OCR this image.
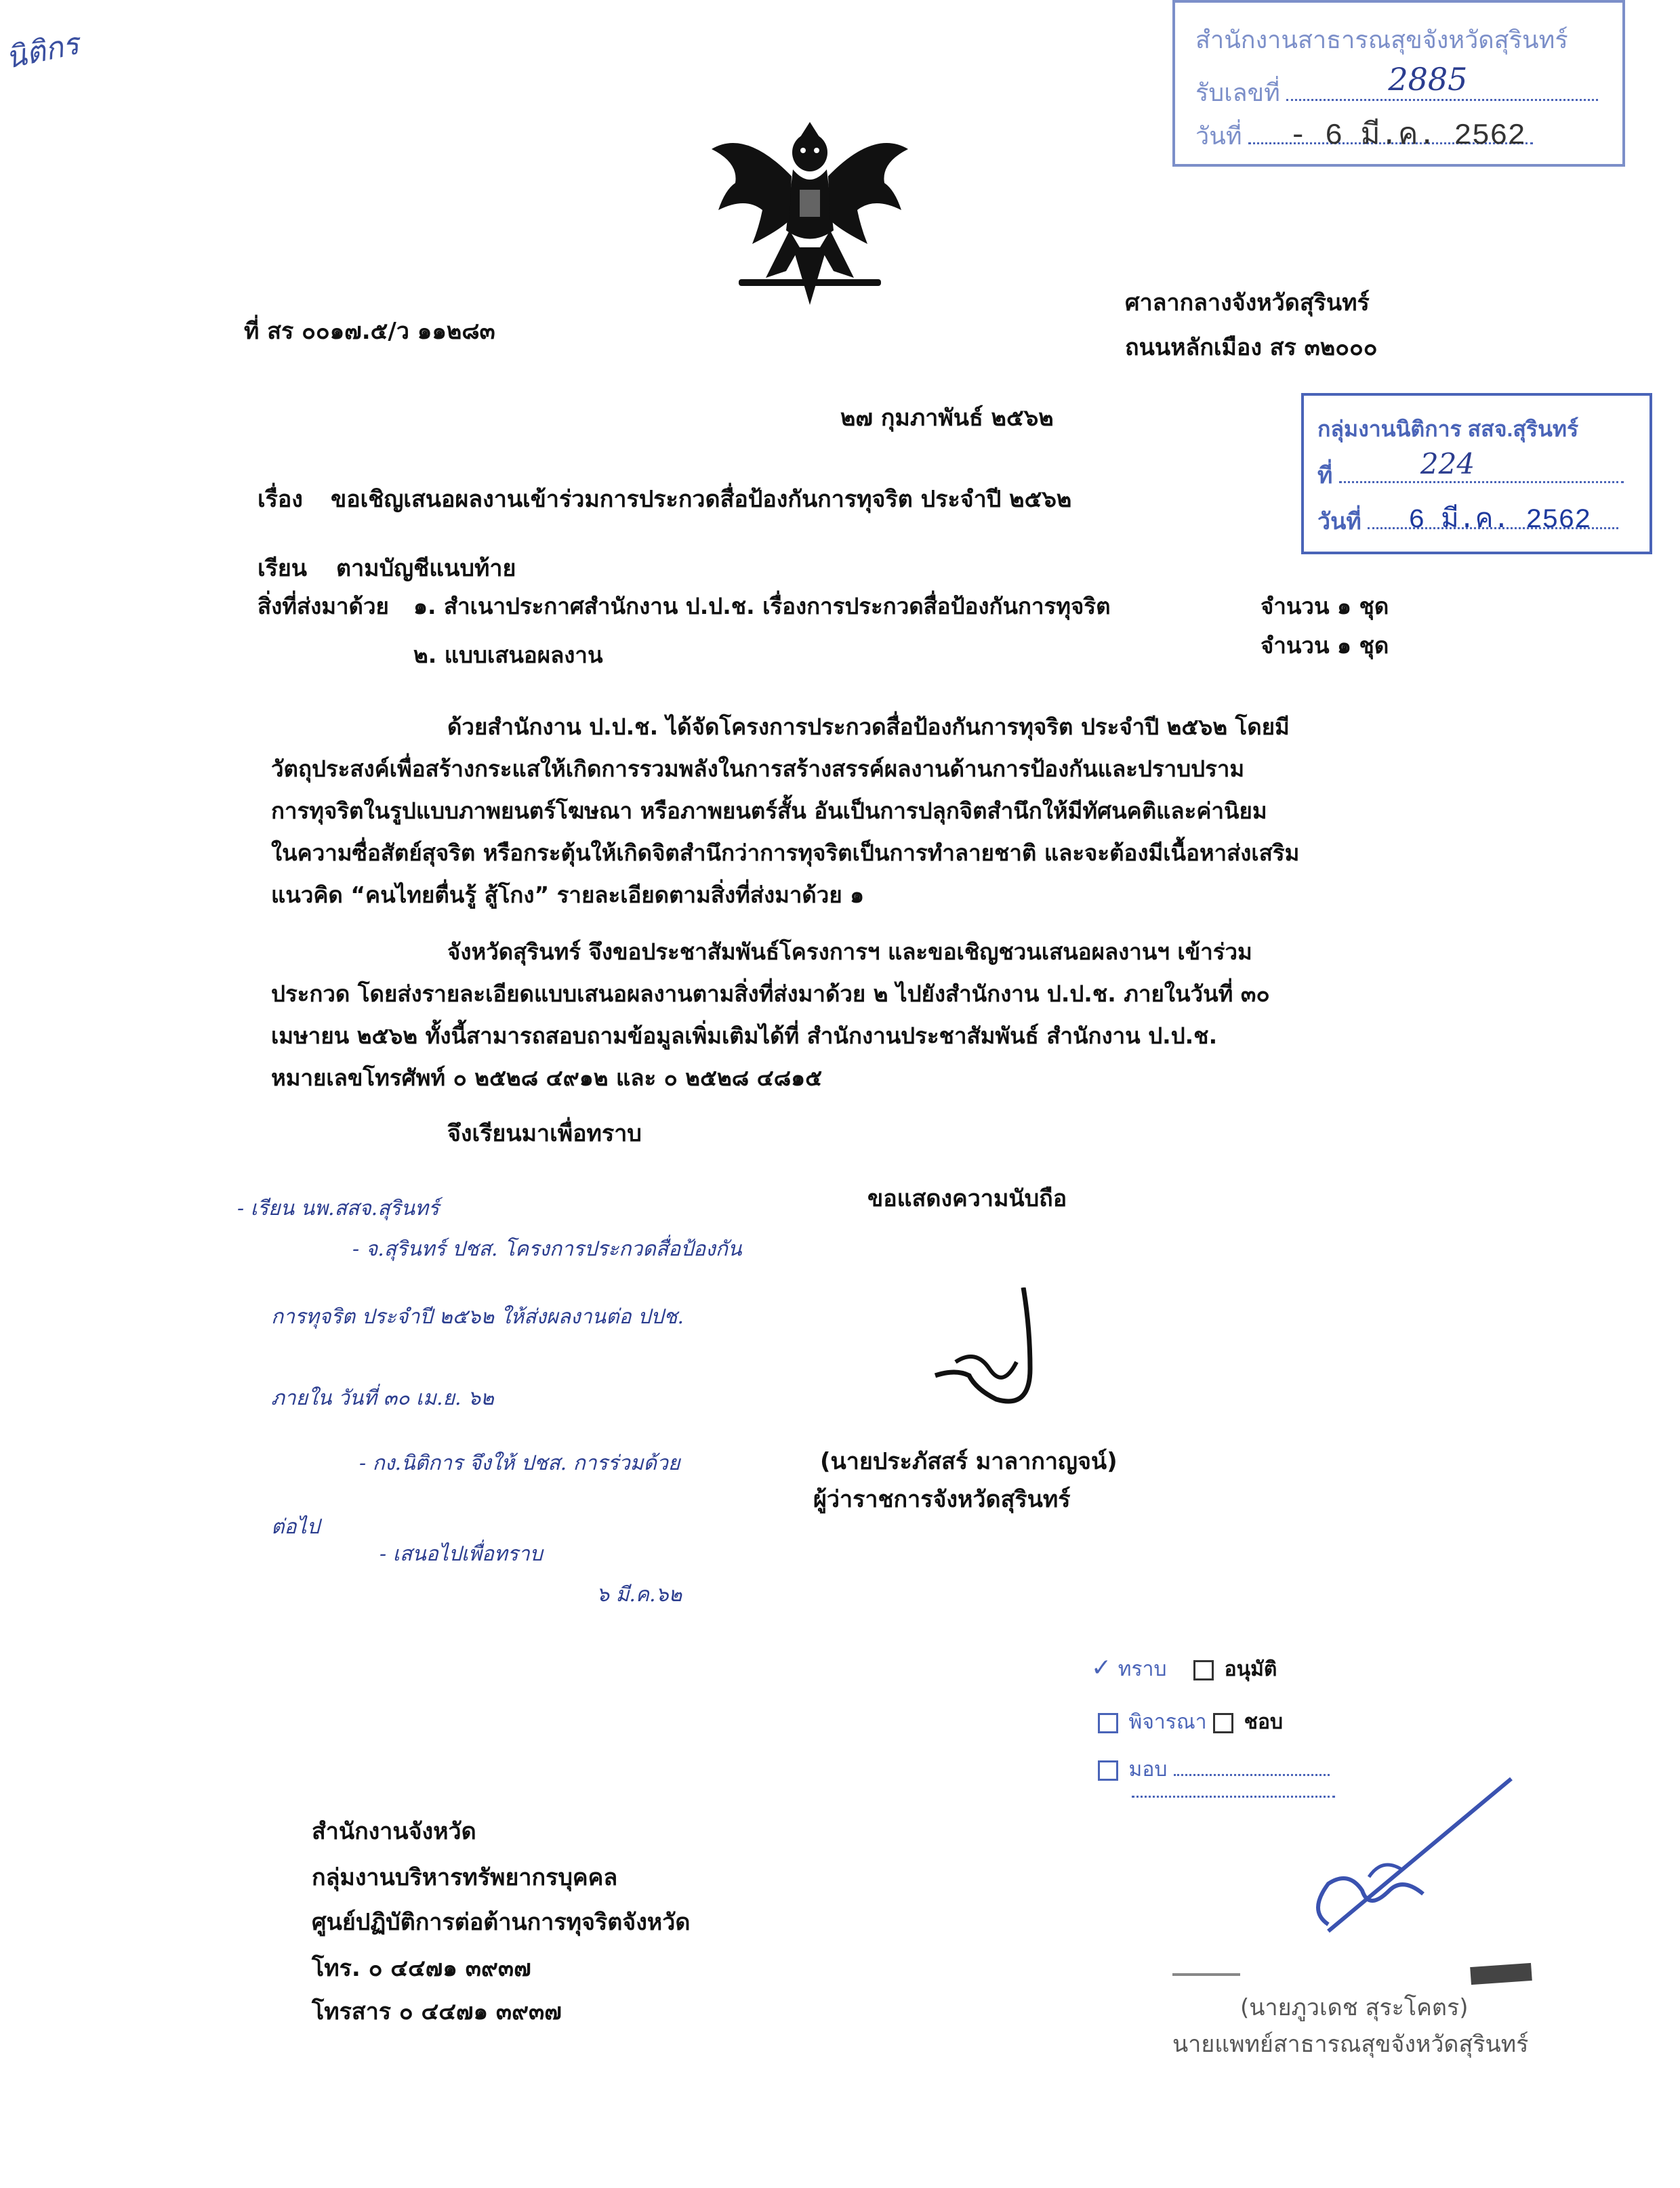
นิติกร	สำนักงานสาธารณสุขจังหวัดสุรินทร์
รับเลขที่	2885
วันที่ - 6 มี.ค. 2562
ที่ สร ๐๐๑๗.๕/ว ๑๑๒๘๓
ศาลากลางจังหวัดสุรินทร์
ถนนหลักเมือง สร ๓๒๐๐๐
๒๗ กุมภาพันธ์ ๒๕๖๒	กลุ่มงานนิติการ สสจ.สุรินทร์
ที่	224
วันที่ 6 มี.ค. 2562
เรื่อง ขอเชิญเสนอผลงานเข้าร่วมการประกวดสื่อป้องกันการทุจริต ประจำปี ๒๕๖๒
เรียน ตามบัญชีแนบท้าย
สิ่งที่ส่งมาด้วย ๑. สำเนาประกาศสำนักงาน ป.ป.ช. เรื่องการประกวดสื่อป้องกันการทุจริต	จำนวน ๑ ชุด
๒. แบบเสนอผลงาน	จำนวน ๑ ชุด
ด้วยสำนักงาน ป.ป.ช. ได้จัดโครงการประกวดสื่อป้องกันการทุจริต ประจำปี ๒๕๖๒ โดยมี
วัตถุประสงค์เพื่อสร้างกระแสให้เกิดการรวมพลังในการสร้างสรรค์ผลงานด้านการป้องกันและปราบปราม
การทุจริตในรูปแบบภาพยนตร์โฆษณา หรือภาพยนตร์สั้น อันเป็นการปลุกจิตสำนึกให้มีทัศนคติและค่านิยม
ในความซื่อสัตย์สุจริต หรือกระตุ้นให้เกิดจิตสำนึกว่าการทุจริตเป็นการทำลายชาติ และจะต้องมีเนื้อหาส่งเสริม
แนวคิด “คนไทยตื่นรู้ สู้โกง” รายละเอียดตามสิ่งที่ส่งมาด้วย ๑
จังหวัดสุรินทร์ จึงขอประชาสัมพันธ์โครงการฯ และขอเชิญชวนเสนอผลงานฯ เข้าร่วม
ประกวด โดยส่งรายละเอียดแบบเสนอผลงานตามสิ่งที่ส่งมาด้วย ๒ ไปยังสำนักงาน ป.ป.ช. ภายในวันที่ ๓๐
เมษายน ๒๕๖๒ ทั้งนี้สามารถสอบถามข้อมูลเพิ่มเติมได้ที่ สำนักงานประชาสัมพันธ์ สำนักงาน ป.ป.ช.
หมายเลขโทรศัพท์ ๐ ๒๕๒๘ ๔๙๑๒ และ ๐ ๒๕๒๘ ๔๘๑๕
จึงเรียนมาเพื่อทราบ
ขอแสดงความนับถือ
- เรียน นพ.สสจ.สุรินทร์
- จ.สุรินทร์ ปชส. โครงการประกวดสื่อป้องกัน
การทุจริต ประจำปี ๒๕๖๒ ให้ส่งผลงานต่อ ปปช.
ภายใน วันที่ ๓๐ เม.ย. ๖๒
- กง.นิติการ จึงให้ ปชส. การร่วมด้วย
ต่อไป
- เสนอไปเพื่อทราบ
๖ มี.ค.๖๒
(นายประภัสสร์ มาลากาญจน์)
ผู้ว่าราชการจังหวัดสุรินทร์
✓ ทราบ	อนุมัติ
พิจารณา ชอบ
มอบ
(นายภูวเดช สุระโคตร)
นายแพทย์สาธารณสุขจังหวัดสุรินทร์
สำนักงานจังหวัด
กลุ่มงานบริหารทรัพยากรบุคคล
ศูนย์ปฏิบัติการต่อต้านการทุจริตจังหวัด
โทร. ๐ ๔๔๗๑ ๓๙๓๗
โทรสาร ๐ ๔๔๗๑ ๓๙๓๗
